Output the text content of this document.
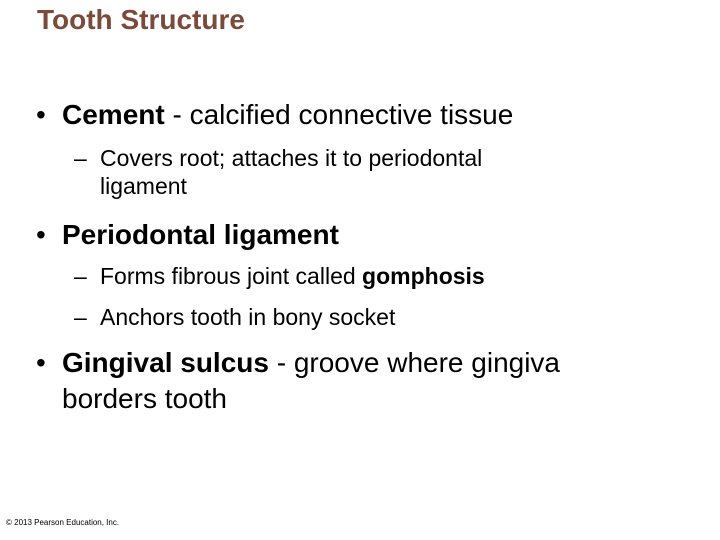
Tooth Structure
• Cement - calcified connective tissue
– Covers root; attaches it to periodontal ligament
• Periodontal ligament
– Forms fibrous joint called gomphosis
– Anchors tooth in bony socket
• Gingival sulcus - groove where gingiva borders tooth
© 2013 Pearson Education, Inc.
